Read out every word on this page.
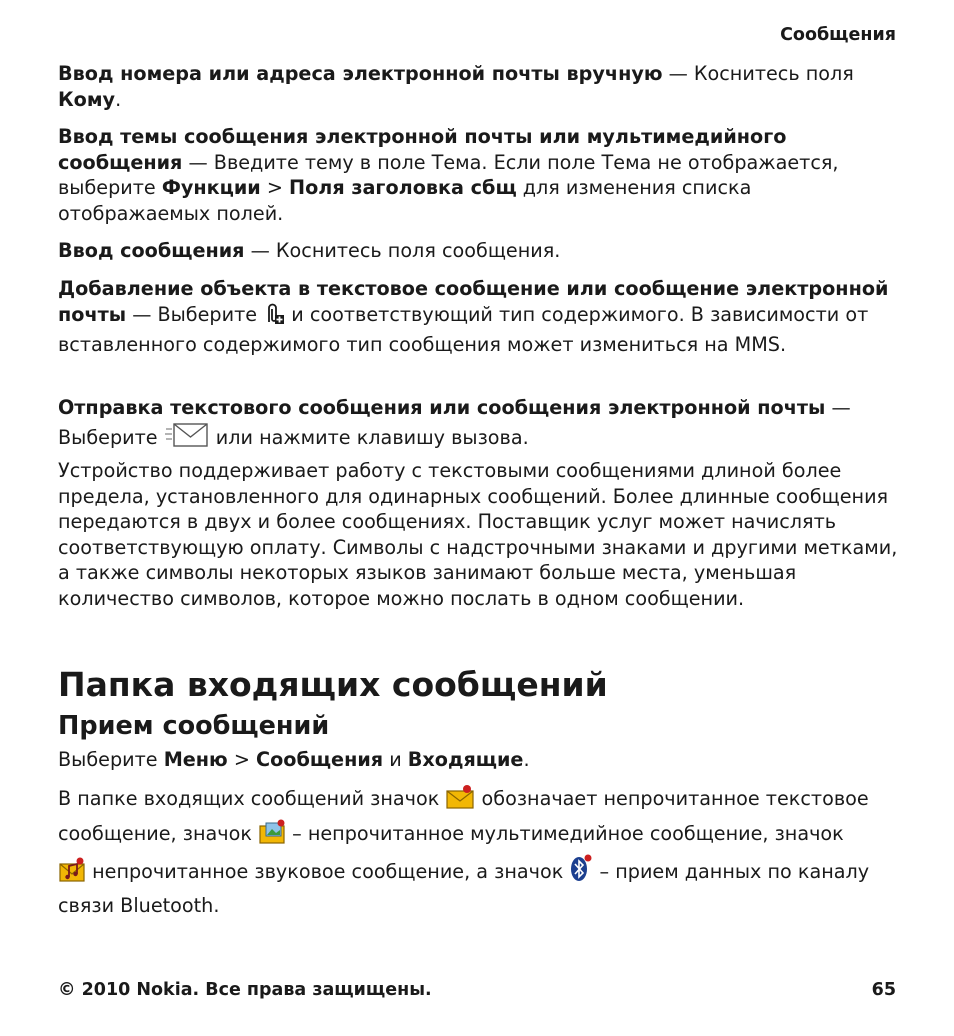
Сообщения

Ввод номера или адреса электронной почты вручную — Коснитесь поля Кому.

Ввод темы сообщения электронной почты или мультимедийного сообщения — Введите тему в поле Тема. Если поле Тема не отображается, выберите Функции > Поля заголовка сбщ для изменения списка отображаемых полей.

Ввод сообщения — Коснитесь поля сообщения.

Добавление объекта в текстовое сообщение или сообщение электронной почты — Выберите  и соответствующий тип содержимого. В зависимости от вставленного содержимого тип сообщения может измениться на MMS.

Отправка текстового сообщения или сообщения электронной почты —
Выберите  или нажмите клавишу вызова.

Устройство поддерживает работу с текстовыми сообщениями длиной более предела, установленного для одинарных сообщений. Более длинные сообщения передаются в двух и более сообщениях. Поставщик услуг может начислять соответствующую оплату. Символы с надстрочными знаками и другими метками, а также символы некоторых языков занимают больше места, уменьшая количество символов, которое можно послать в одном сообщении.

Папка входящих сообщений
Прием сообщений

Выберите Меню > Сообщения и Входящие.

В папке входящих сообщений значок  обозначает непрочитанное текстовое сообщение, значок  – непрочитанное мультимедийное сообщение, значок
непрочитанное звуковое сообщение, а значок  – прием данных по каналу связи Bluetooth.

© 2010 Nokia. Все права защищены.	65
